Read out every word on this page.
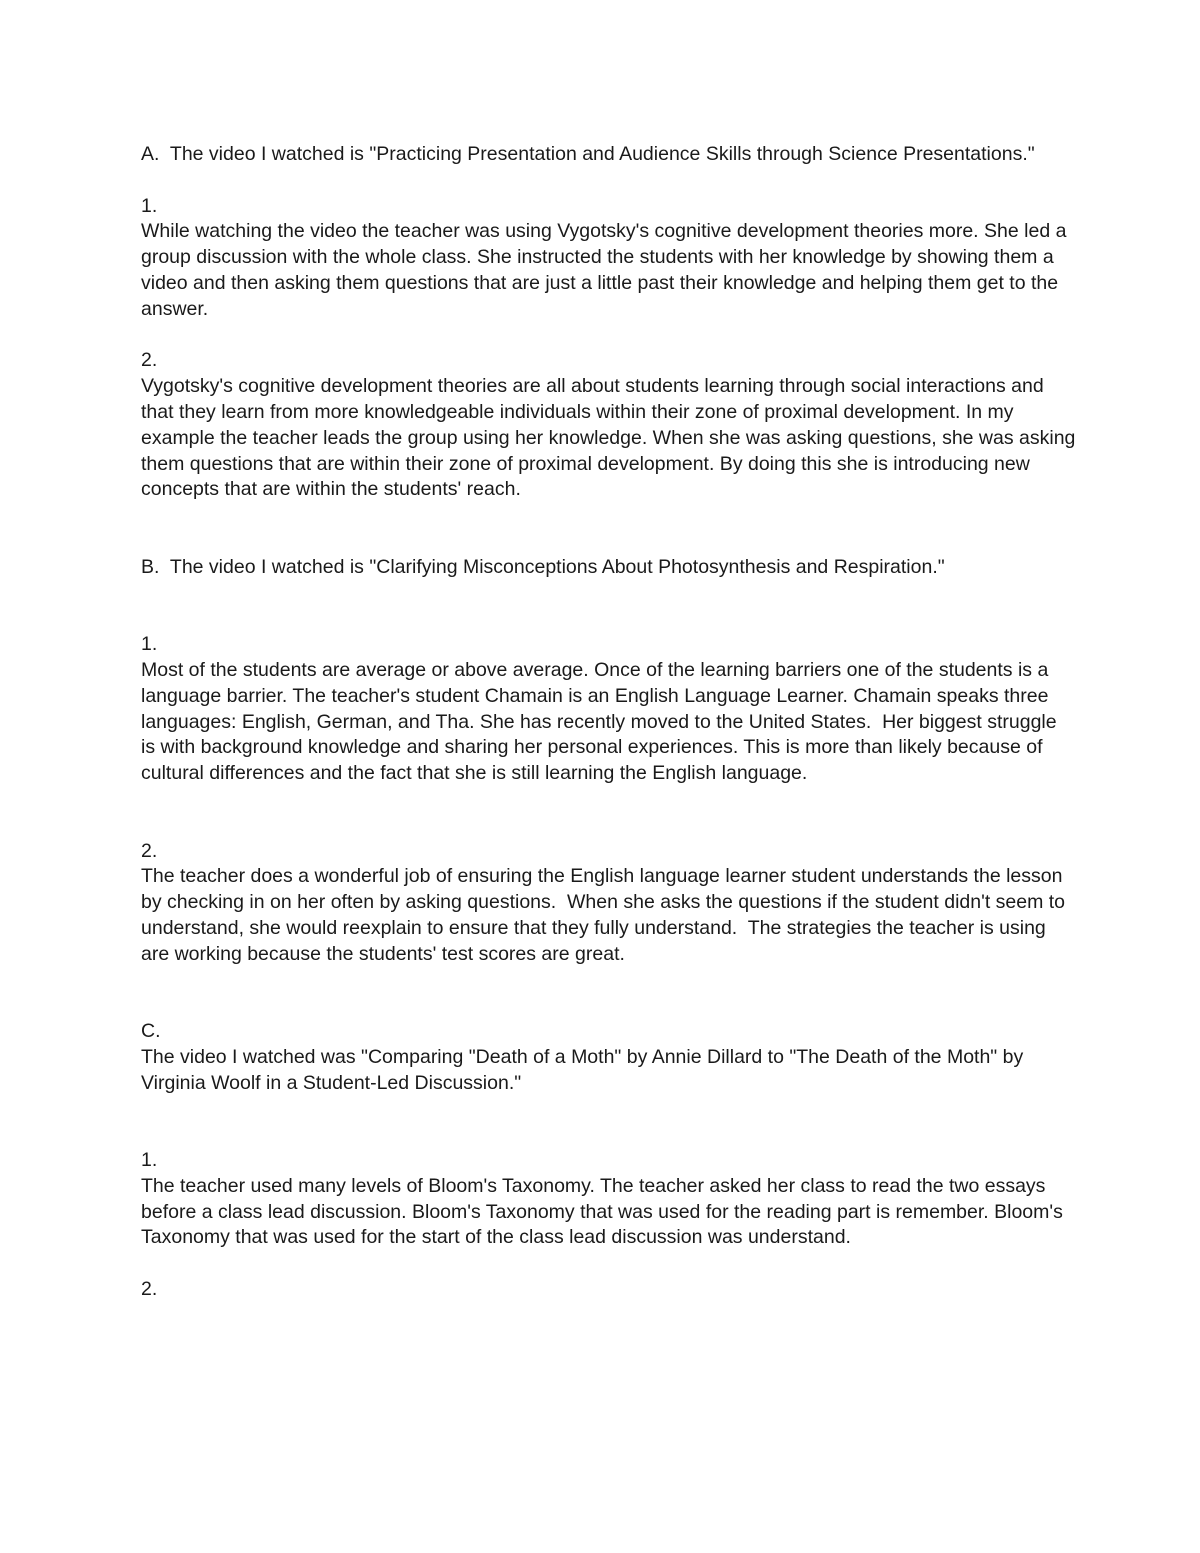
A.  The video I watched is "Practicing Presentation and Audience Skills through Science Presentations."

1.

While watching the video the teacher was using Vygotsky's cognitive development theories more. She led a group discussion with the whole class. She instructed the students with her knowledge by showing them a video and then asking them questions that are just a little past their knowledge and helping them get to the answer.

2.

Vygotsky's cognitive development theories are all about students learning through social interactions and that they learn from more knowledgeable individuals within their zone of proximal development. In my example the teacher leads the group using her knowledge. When she was asking questions, she was asking them questions that are within their zone of proximal development. By doing this she is introducing new concepts that are within the students' reach.

B.  The video I watched is "Clarifying Misconceptions About Photosynthesis and Respiration."

1.

Most of the students are average or above average. Once of the learning barriers one of the students is a language barrier. The teacher's student Chamain is an English Language Learner. Chamain speaks three languages: English, German, and Tha. She has recently moved to the United States.  Her biggest struggle is with background knowledge and sharing her personal experiences. This is more than likely because of cultural differences and the fact that she is still learning the English language.

2.

The teacher does a wonderful job of ensuring the English language learner student understands the lesson by checking in on her often by asking questions.  When she asks the questions if the student didn't seem to understand, she would reexplain to ensure that they fully understand.  The strategies the teacher is using are working because the students' test scores are great.

C.

The video I watched was "Comparing "Death of a Moth" by Annie Dillard to "The Death of the Moth" by Virginia Woolf in a Student-Led Discussion."

1.

The teacher used many levels of Bloom's Taxonomy. The teacher asked her class to read the two essays before a class lead discussion. Bloom's Taxonomy that was used for the reading part is remember. Bloom's Taxonomy that was used for the start of the class lead discussion was understand.

2.
